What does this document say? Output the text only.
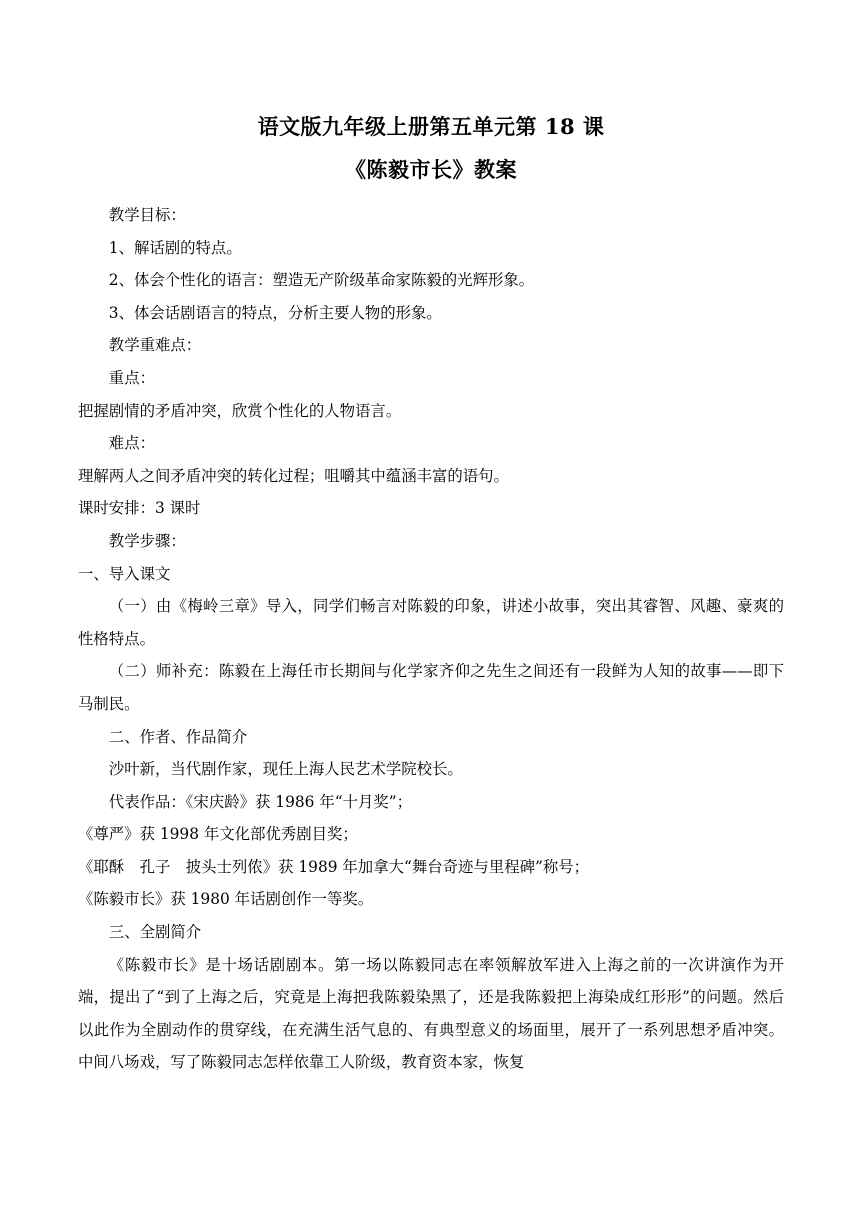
语文版九年级上册第五单元第 18 课
《陈毅市长》教案

教学目标：

1、解话剧的特点。

2、体会个性化的语言：塑造无产阶级革命家陈毅的光辉形象。

3、体会话剧语言的特点，分析主要人物的形象。

教学重难点：

重点：

把握剧情的矛盾冲突，欣赏个性化的人物语言。

难点：

理解两人之间矛盾冲突的转化过程；咀嚼其中蕴涵丰富的语句。

课时安排：3 课时

教学步骤：

一、导入课文

（一）由《梅岭三章》导入，同学们畅言对陈毅的印象，讲述小故事，突出其睿智、风趣、豪爽的性格特点。

（二）师补充：陈毅在上海任市长期间与化学家齐仰之先生之间还有一段鲜为人知的故事——即下马制民。

二、作者、作品简介

沙叶新，当代剧作家，现任上海人民艺术学院校长。

代表作品：《宋庆龄》获 1986 年“十月奖”；

《尊严》获 1998 年文化部优秀剧目奖；

《耶酥　孔子　披头士列侬》获 1989 年加拿大“舞台奇迹与里程碑”称号；

《陈毅市长》获 1980 年话剧创作一等奖。

三、全剧简介

《陈毅市长》是十场话剧剧本。第一场以陈毅同志在率领解放军进入上海之前的一次讲演作为开端，提出了“到了上海之后，究竟是上海把我陈毅染黑了，还是我陈毅把上海染成红形形”的问题。然后以此作为全剧动作的贯穿线，在充满生活气息的、有典型意义的场面里，展开了一系列思想矛盾冲突。中间八场戏，写了陈毅同志怎样依靠工人阶级，教育资本家，恢复
